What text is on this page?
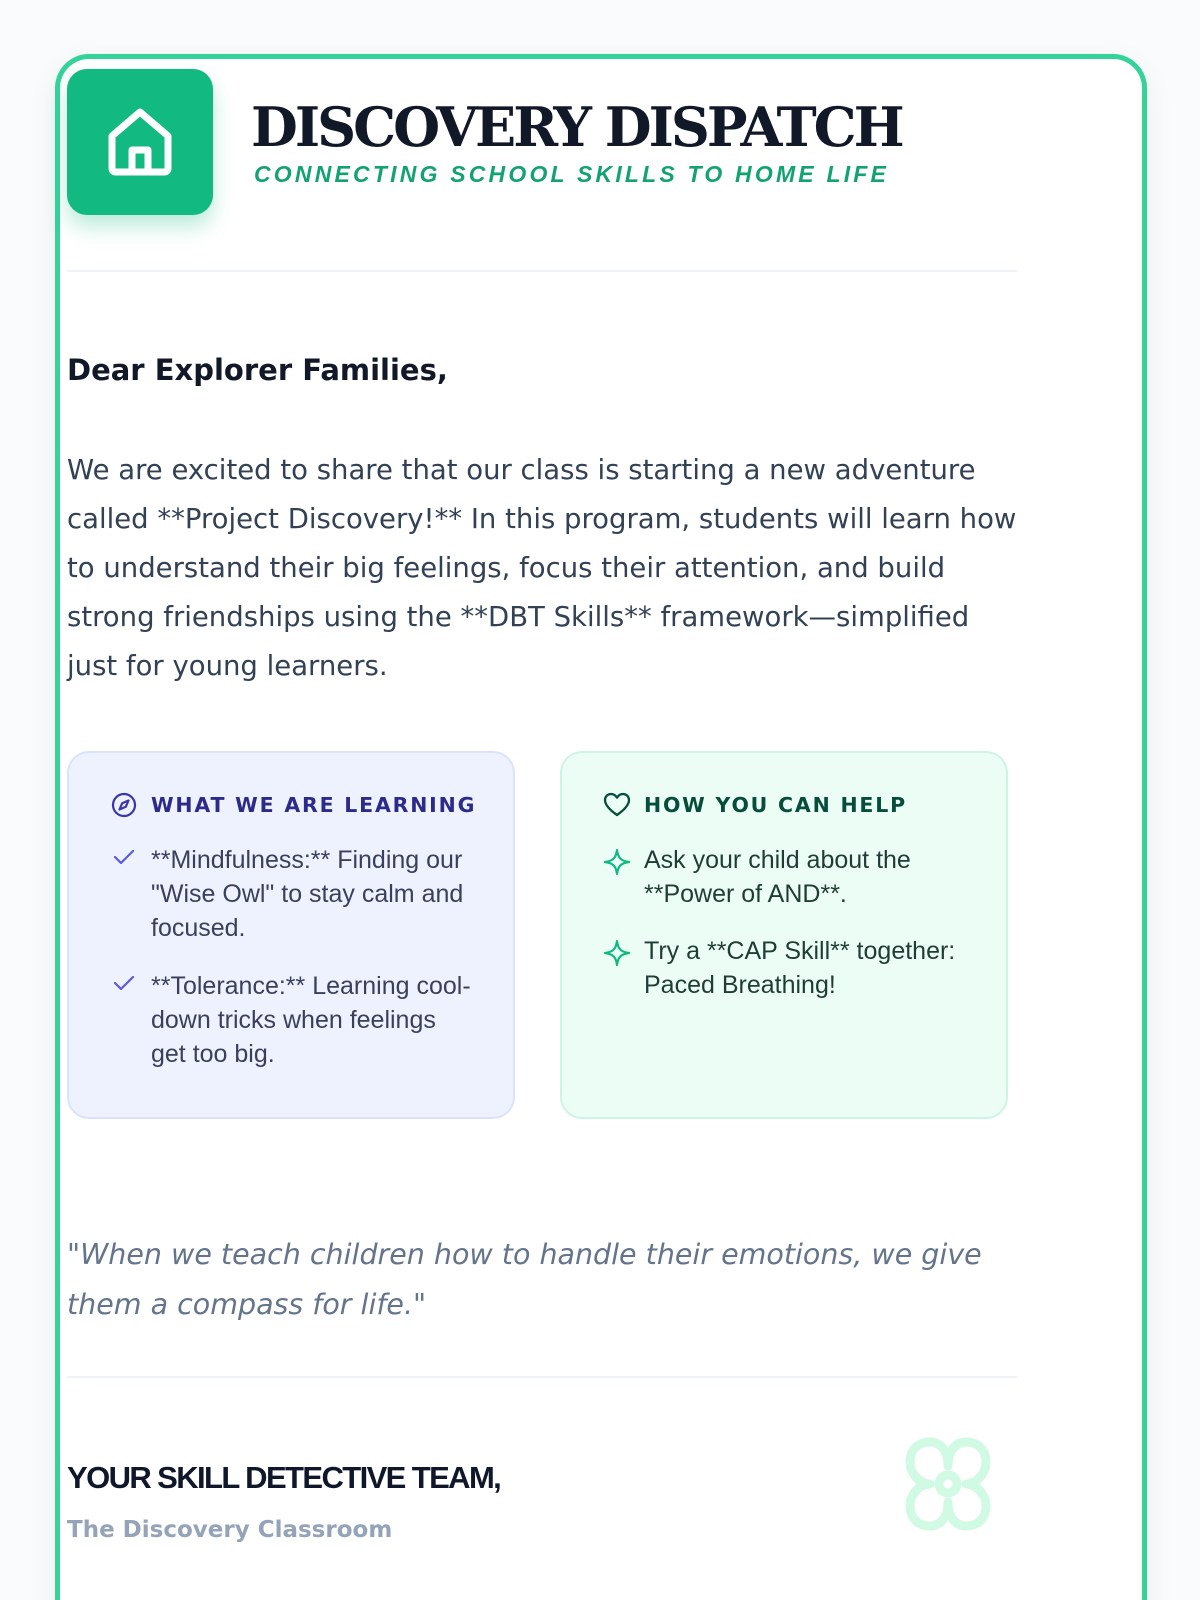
DISCOVERY DISPATCH
CONNECTING SCHOOL SKILLS TO HOME LIFE
Dear Explorer Families,
We are excited to share that our class is starting a new adventure called **Project Discovery!** In this program, students will learn how to understand their big feelings, focus their attention, and build strong friendships using the **DBT Skills** framework—simplified just for young learners.
WHAT WE ARE LEARNING
**Mindfulness:** Finding our "Wise Owl" to stay calm and focused.
**Tolerance:** Learning cool-down tricks when feelings get too big.
HOW YOU CAN HELP
Ask your child about the **Power of AND**.
Try a **CAP Skill** together: Paced Breathing!
"When we teach children how to handle their emotions, we give them a compass for life."
YOUR SKILL DETECTIVE TEAM,
The Discovery Classroom
